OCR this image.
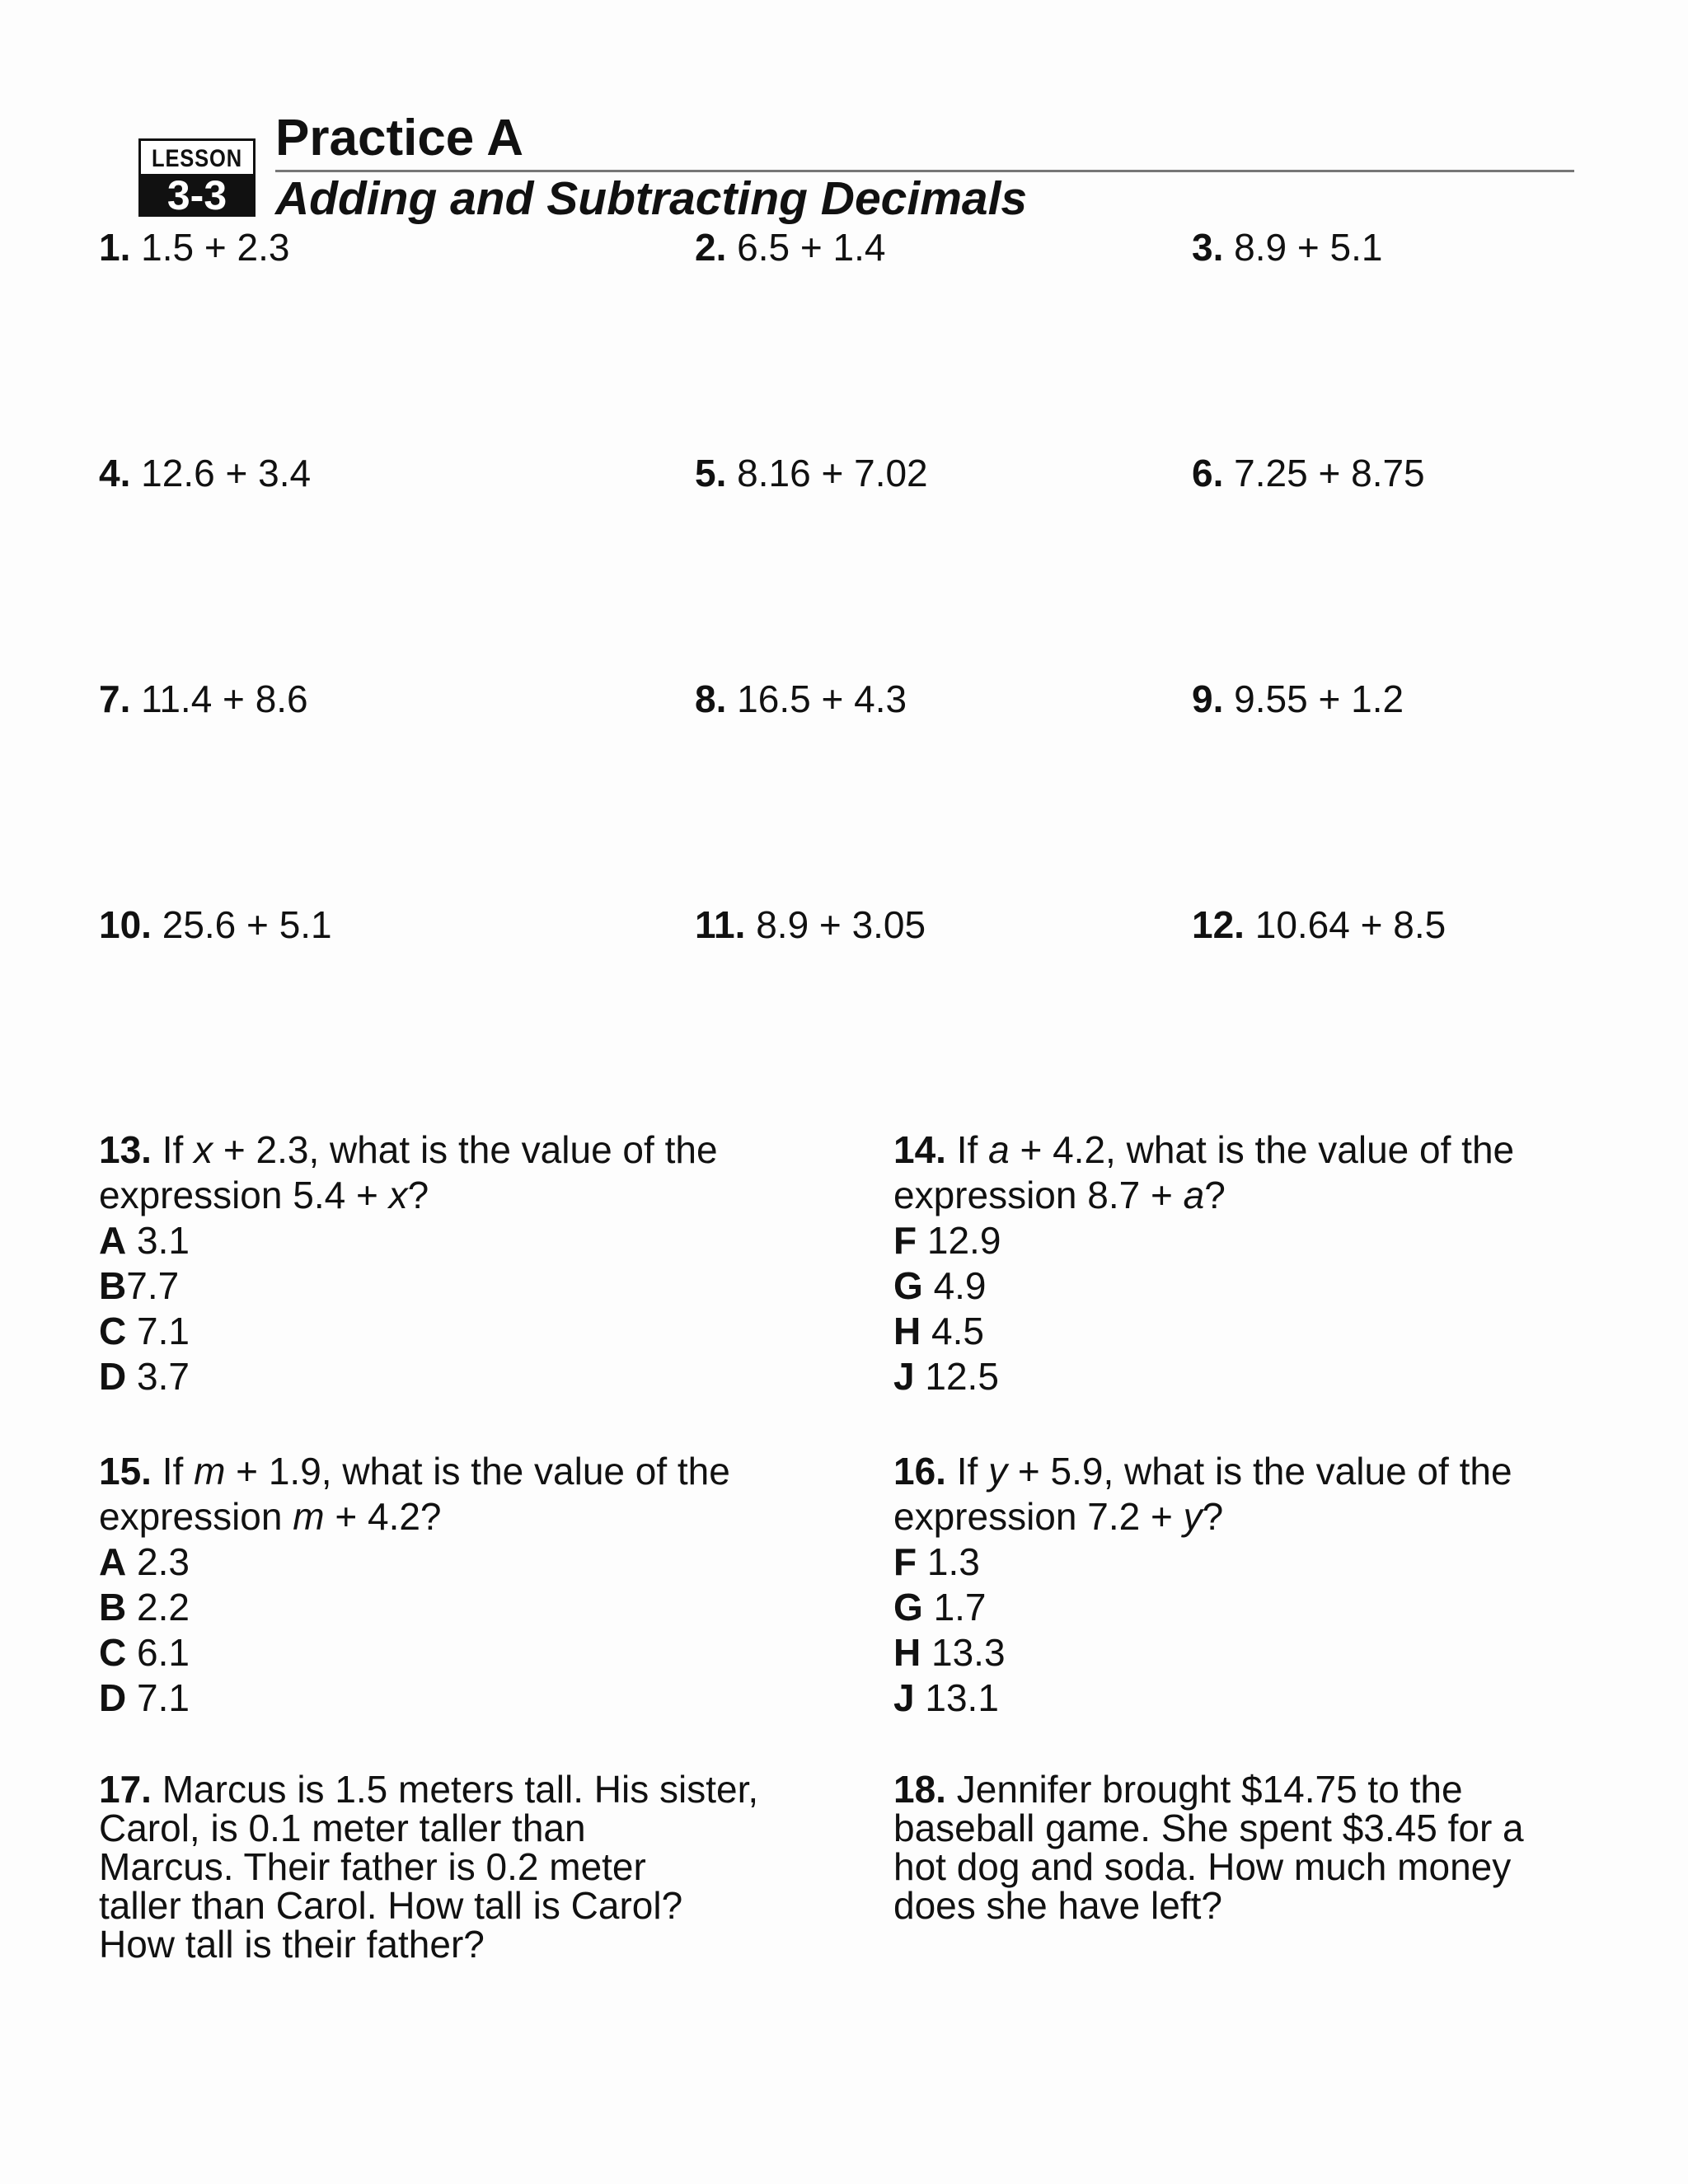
LESSON
3-3
Practice A
Adding and Subtracting Decimals
1. 1.5 + 2.3	2. 6.5 + 1.4	3. 8.9 + 5.1
4. 12.6 + 3.4	5. 8.16 + 7.02	6. 7.25 + 8.75
7. 11.4 + 8.6	8. 16.5 + 4.3	9. 9.55 + 1.2
10. 25.6 + 5.1	11. 8.9 + 3.05	12. 10.64 + 8.5
13. If x + 2.3, what is the value of the
expression 5.4 + x?
A 3.1
B7.7
C 7.1
D 3.7
14. If a + 4.2, what is the value of the
expression 8.7 + a?
F 12.9
G 4.9
H 4.5
J 12.5
15. If m + 1.9, what is the value of the
expression m + 4.2?
A 2.3
B 2.2
C 6.1
D 7.1
16. If y + 5.9, what is the value of the
expression 7.2 + y?
F 1.3
G 1.7
H 13.3
J 13.1
17. Marcus is 1.5 meters tall. His sister,
Carol, is 0.1 meter taller than
Marcus. Their father is 0.2 meter
taller than Carol. How tall is Carol?
How tall is their father?
18. Jennifer brought $14.75 to the
baseball game. She spent $3.45 for a
hot dog and soda. How much money
does she have left?
